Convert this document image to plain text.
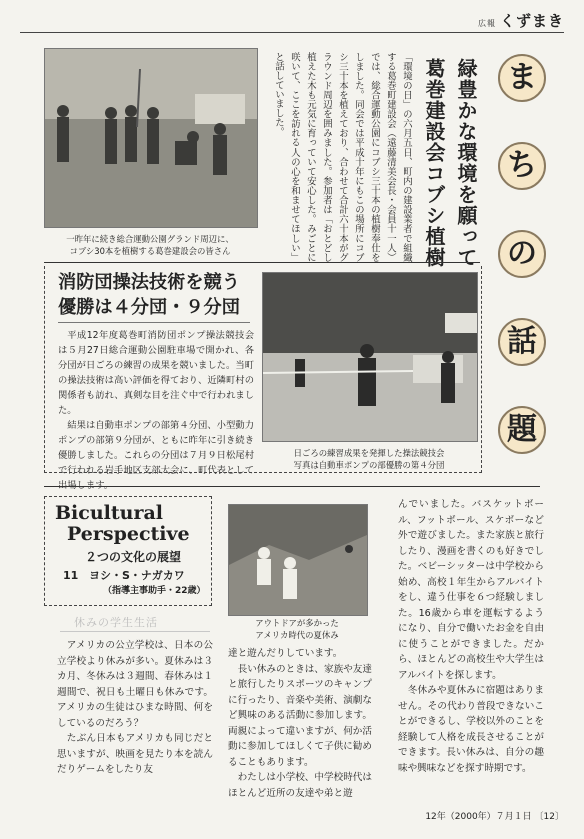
広報 くずまき
ま
ち
の
話
題
一昨年に続き総合運動公園グランド周辺に、
コブシ30本を植樹する葛巻建設会の皆さん	緑豊かな環境を願って
葛巻建設会コブシ植樹
「環境の日」の六月五日、町内の建設業者で組織する葛巻町建設会（遠藤清美会長・会員十一人）では、総合運動公園にコブシ三十本の植樹奉仕をしました。同会では平成十年にもこの場所にコブシ三十本を植えており、合わせて合計六十本がグラウンド周辺を囲みました。参加者は「おとどし植えた木も元気に育っていて安心した。みごとに咲いて、ここを訪れる人の心を和ませてほしい」と話していました。
消防団操法技術を競う
優勝は４分団・９分団
平成12年度葛巻町消防団ポンプ操法競技会は５月27日総合運動公園駐車場で開かれ、各分団が日ごろの練習の成果を競いました。当町の操法技術は高い評価を得ており、近隣町村の関係者も訪れ、真剣な目を注ぐ中で行われました。
結果は自動車ポンプの部第４分団、小型動力ポンプの部第９分団が、ともに昨年に引き続き優勝しました。これらの分団は７月９日松尾村で行われる岩手地区支部大会に、町代表として出場します。
日ごろの練習成果を発揮した操法競技会
写真は自動車ポンプの部優勝の第４分団
Bicultural
Perspective
２つの文化の展望
11 ヨシ・S・ナガカワ
（指導主事助手・22歳）
休みの学生生活	アウトドアが多かった
アメリカ時代の夏休み
　アメリカの公立学校は、日本の公立学校より休みが多い。夏休みは３カ月、冬休みは３週間、春休みは１週間で、祝日も土曜日も休みです。アメリカの生徒はひまな時間、何をしているのだろう？
　たぶん日本もアメリカも同じだと思いますが、映画を見たり本を読んだりゲームをしたり友
達と遊んだりしています。
　長い休みのときは、家族や友達と旅行したりスポーツのキャンプに行ったり、音楽や美術、演劇など興味のある活動に参加します。両親によって違いますが、何か活動に参加してほしくて子供に勧めることもあります。
　わたしは小学校、中学校時代はほとんど近所の友達や弟と遊
んでいました。バスケットボール、フットボール、スケボーなど外で遊びました。また家族と旅行したり、漫画を書くのも好きでした。ベビーシッターは中学校から始め、高校１年生からアルバイトをし、違う仕事を６つ経験しました。16歳から車を運転するようになり、自分で働いたお金を自由に使うことができました。だから、ほとんどの高校生や大学生はアルバイトを探します。
　冬休みや夏休みに宿題はありません。その代わり普段できないことができるし、学校以外のことを経験して人格を成長させることができます。長い休みは、自分の趣味や興味などを探す時期です。
12年（2000年）７月１日 〔12〕
